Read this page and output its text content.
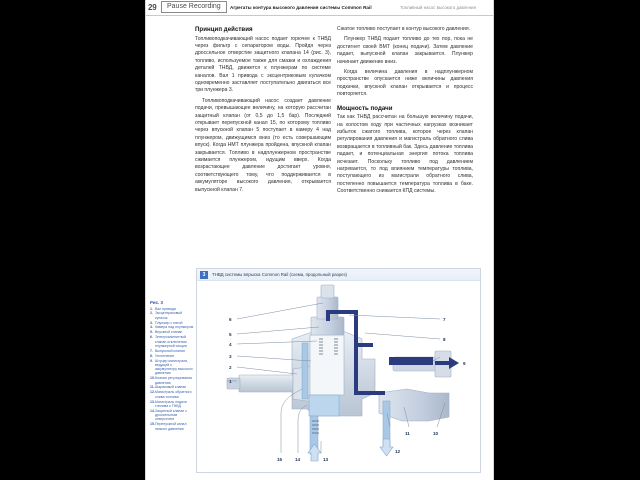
29	Агрегаты контура высокого давления системы Common Rail	Топливный насос высокого давления
Принцип действия

Топливоподкачивающий насос подает горючее к ТНВД через фильтр с сепаратором воды. Пройдя через дроссельное отверстие защитного клапана 14 (рис. 3), топливо, используемое также для смазки и охлаждения деталей ТНВД, движется к плунжерам по системе каналов. Вал 1 привода с эксцентриковым кулачком одновременно заставляет поступательно двигаться все три плунжера 3.

Топливоподкачивающий насос создает давление подачи, превышающее величину, на которую рассчитан защитный клапан (от 0,5 до 1,5 бар). Последний открывает перепускной канал 15, по которому топливо через впускной клапан 5 поступает в камеру 4 над плунжером, движущимся вниз (то есть совершающим впуск). Когда НМТ плунжера пройдена, впускной клапан закрывается. Топливо в надплунжерном пространстве сжимается плунжером, идущим вверх. Когда возрастающее давление достигает уровня, соответствующего тому, что поддерживается в аккумуляторе высокого давления, открывается выпускной клапан 7.

Сжатое топливо поступает в контур высокого давления.

Плунжер ТНВД подает топливо до тех пор, пока не достигнет своей ВМТ (конец подачи). Затем давление падает, выпускной клапан закрывается. Плунжер начинает движение вниз.

Когда величина давления в надплунжерном пространстве опускается ниже величины давления подкачки, впускной клапан открывается и процесс повторяется.

Мощность подачи

Так как ТНВД рассчитан на большую величину подачи, на холостом ходу при частичных нагрузках возникает избыток сжатого топлива, которое через клапан регулирования давления и магистраль обратного слива возвращается в топливный бак. Здесь давление топлива падает, и потенциальная энергия потока топлива исчезает. Поскольку топливо под давлением нагревается, то под влиянием температуры топлива, поступающего из магистрали обратного слива, постепенно повышается температура топлива в баке. Соответственно снижается КПД системы.

Рис. 3
1. Вал привода
2. Эксцентриковый кулачок
3. Плунжер с пятой
4. Камера над плунжером
5. Впускной клапан
6. Электромагнитный клапан отключения плунжерной секции
7. Выпускной клапан
8. Уплотнение
9. Штуцер магистрали, ведущей к аккумулятору высокого давления
10. Клапан регулирования давления
11. Шариковый клапан
12. Магистраль обратного слива топлива
13. Магистраль подачи топлива к ТНВД
14. Защитный клапан с дроссельным отверстием
15. Перепускной канал низкого давления
3	ТНВД системы впрыска Common Rail (схема, продольный разрез)
1
2
3
4
5
6	7
8
9
10
11
12
13
14
15
Pause Recording
